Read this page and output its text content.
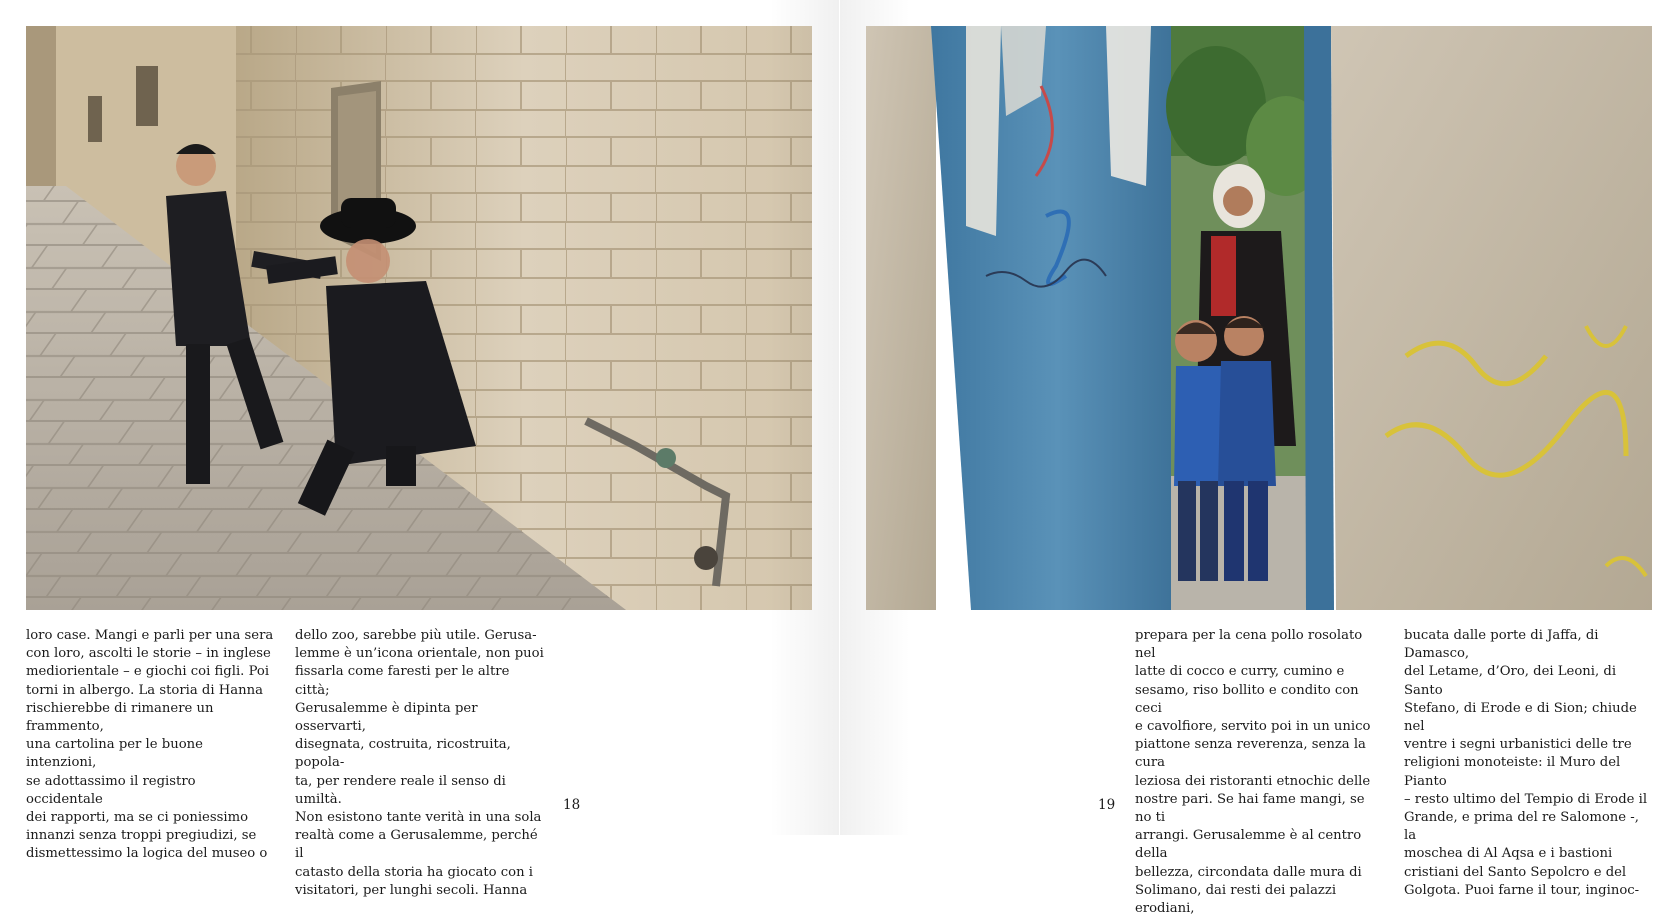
loro case. Mangi e parli per una sera
con loro, ascolti le storie – in inglese
mediorientale – e giochi coi figli. Poi
torni in albergo. La storia di Hanna
rischierebbe di rimanere un frammento,
una cartolina per le buone intenzioni,
se adottassimo il registro occidentale
dei rapporti, ma se ci poniessimo
innanzi senza troppi pregiudizi, se
dismettessimo la logica del museo o
dello zoo, sarebbe più utile. Gerusa-
lemme è un’icona orientale, non puoi
fissarla come faresti per le altre città;
Gerusalemme è dipinta per osservarti,
disegnata, costruita, ricostruita, popola-
ta, per rendere reale il senso di umiltà.
Non esistono tante verità in una sola
realtà come a Gerusalemme, perché il
catasto della storia ha giocato con i
visitatori, per lunghi secoli. Hanna
18
prepara per la cena pollo rosolato nel
latte di cocco e curry, cumino e
sesamo, riso bollito e condito con ceci
e cavolfiore, servito poi in un unico
piattone senza reverenza, senza la cura
leziosa dei ristoranti etnochic delle
nostre pari. Se hai fame mangi, se no ti
arrangi. Gerusalemme è al centro della
bellezza, circondata dalle mura di
Solimano, dai resti dei palazzi erodiani,
bucata dalle porte di Jaffa, di Damasco,
del Letame, d’Oro, dei Leoni, di Santo
Stefano, di Erode e di Sion; chiude nel
ventre i segni urbanistici delle tre
religioni monoteiste: il Muro del Pianto
– resto ultimo del Tempio di Erode il
Grande, e prima del re Salomone -, la
moschea di Al Aqsa e i bastioni
cristiani del Santo Sepolcro e del
Golgota. Puoi farne il tour, inginoc-
19
